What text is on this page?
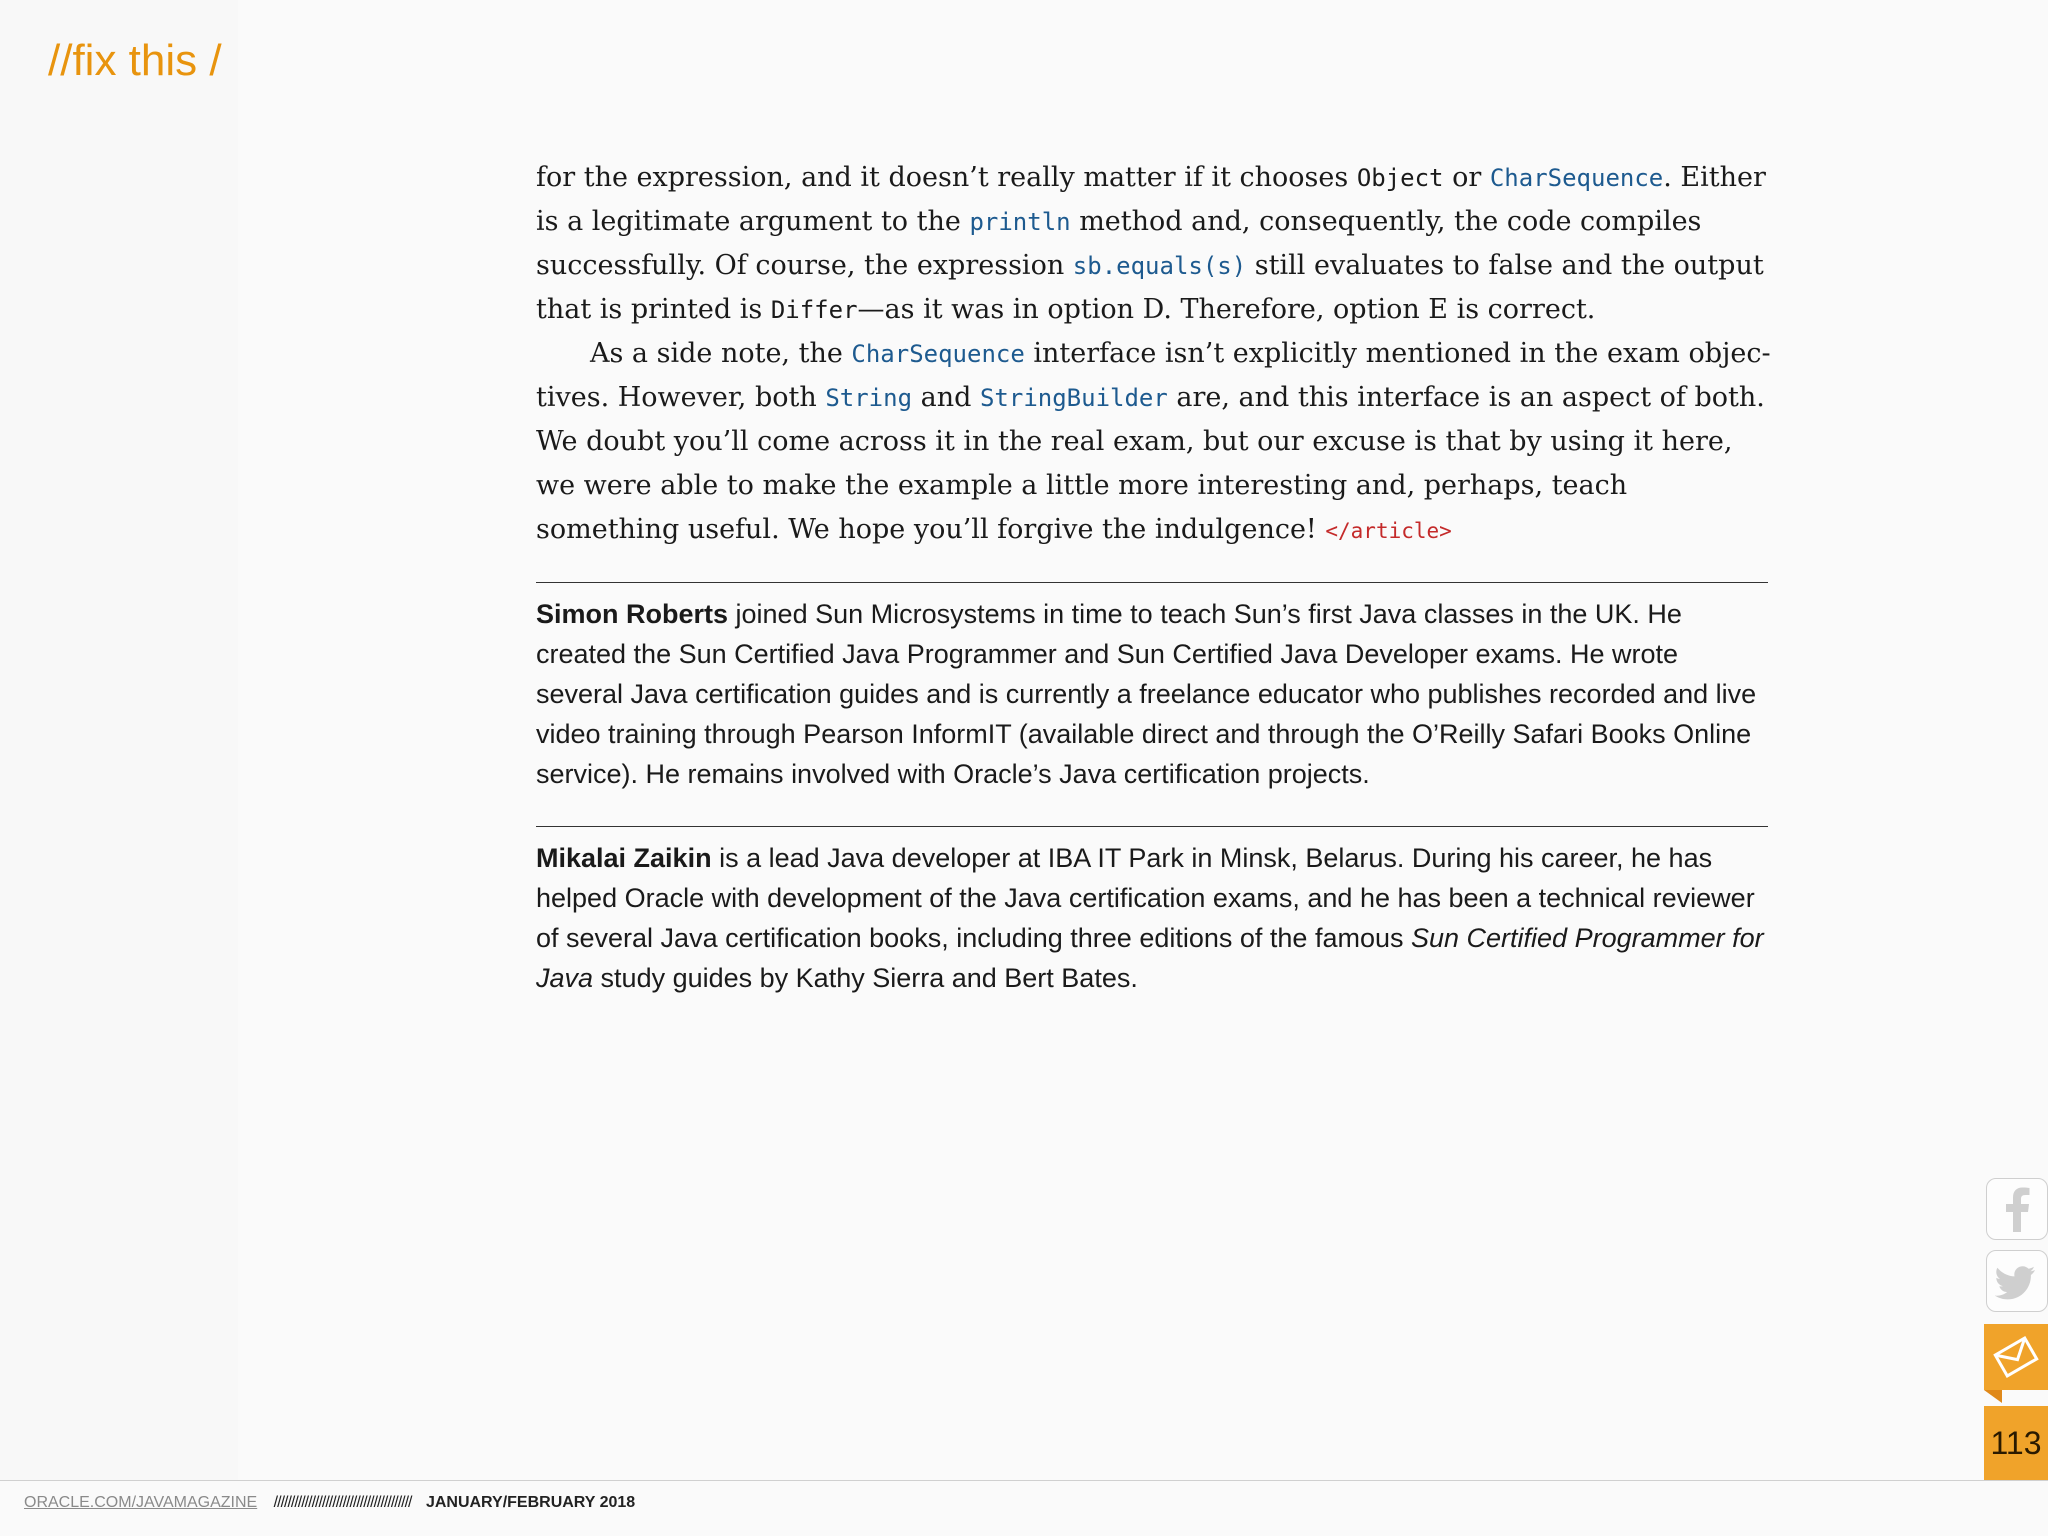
//fix this /

for the expression, and it doesn’t really matter if it chooses Object or CharSequence. Either is a legitimate argument to the println method and, consequently, the code compiles successfully. Of course, the expression sb.equals(s) still evaluates to false and the output that is printed is Differ—as it was in option D. Therefore, option E is correct.

As a side note, the CharSequence interface isn’t explicitly mentioned in the exam objectives. However, both String and StringBuilder are, and this interface is an aspect of both. We doubt you’ll come across it in the real exam, but our excuse is that by using it here, we were able to make the example a little more interesting and, perhaps, teach something useful. We hope you’ll forgive the indulgence! </article>

Simon Roberts joined Sun Microsystems in time to teach Sun’s first Java classes in the UK. He created the Sun Certified Java Programmer and Sun Certified Java Developer exams. He wrote several Java certification guides and is currently a freelance educator who publishes recorded and live video training through Pearson InformIT (available direct and through the O’Reilly Safari Books Online service). He remains involved with Oracle’s Java certification projects.
Mikalai Zaikin is a lead Java developer at IBA IT Park in Minsk, Belarus. During his career, he has helped Oracle with development of the Java certification exams, and he has been a technical reviewer of several Java certification books, including three editions of the famous Sun Certified Programmer for Java study guides by Kathy Sierra and Bert Bates.
113
ORACLE.COM/JAVAMAGAZINE //////////////////////////////////////// JANUARY/FEBRUARY 2018
